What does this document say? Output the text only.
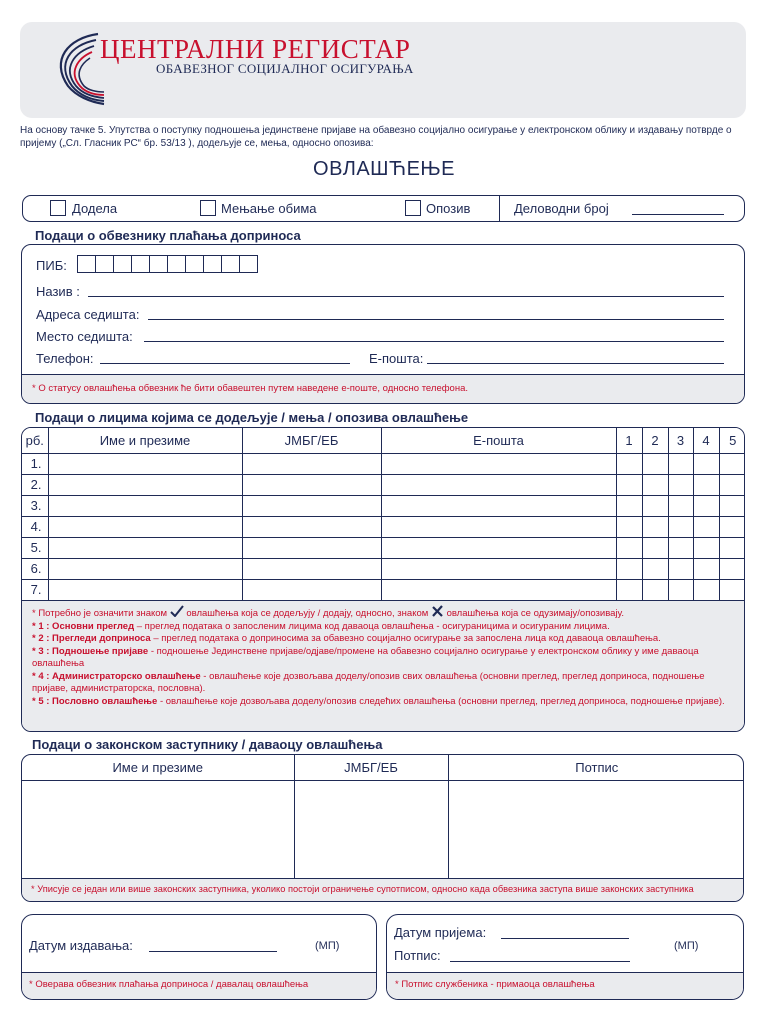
ЦЕНТРАЛНИ РЕГИСТАР
ОБАВЕЗНОГ СОЦИЈАЛНОГ ОСИГУРАЊА
На основу тачке 5. Упутства о поступку подношења јединствене пријаве на обавезно социјално осигурање у електронском облику и издавању потврде о пријему („Сл. Гласник РС“ бр. 53/13 ), додељује се, мења, односно опозива:
ОВЛАШЋЕЊЕ
Додела	Мењање обима	Опозив	Деловодни број
Подаци о обвезнику плаћања доприноса
ПИБ:
Назив :
Адреса седишта:
Место седишта:
Телефон:	Е-пошта:
* О статусу овлашћења обвезник ће бити обавештен путем наведене е-поште, односно телефона.
Подаци о лицима којима се додељује / мења / опозива овлашћење
рб.	Име и презиме	JMБГ/ЕБ	Е-пошта	1	2	3	4	5
1.								
2.								
3.								
4.								
5.								
6.								
7.								
* Потребно је означити знаком овлашћења која се додељују / додају, односно, знаком овлашћења која се одузимају/опозивају.
* 1 : Основни преглед – преглед података о запосленим лицима код даваоца овлашћења - осигураницима и осигураним лицима.
* 2 : Прегледи доприноса – преглед података о доприносима за обавезно социјално осигурање за запослена лица код даваоца овлашћења.
* 3 : Подношење пријаве - подношење Јединствене пријаве/одјаве/промене на обавезно социјално осигурање у електронском облику у име даваоца овлашћења
* 4 : Администраторско овлашћење - овлашћење које дозвољава доделу/опозив свих овлашћења (основни преглед, преглед доприноса, подношење пријаве, администраторска, пословна).
* 5 : Пословно овлашћење - овлашћење које дозвољава доделу/опозив следећих овлашћења (основни преглед, преглед доприноса, подношење пријаве).
Подаци о законском заступнику / даваоцу овлашћења
Име и презиме	JMБГ/ЕБ	Потпис

* Уписује се један или више законских заступника, уколико постоји ограничење супотписом, односно када обвезника заступа више законских заступника
Датум издавања:	(МП)
* Оверава обвезник плаћања доприноса / давалац овлашћења
Датум пријема:
Потпис:
(МП)
* Потпис службеника - примаоца овлашћења
